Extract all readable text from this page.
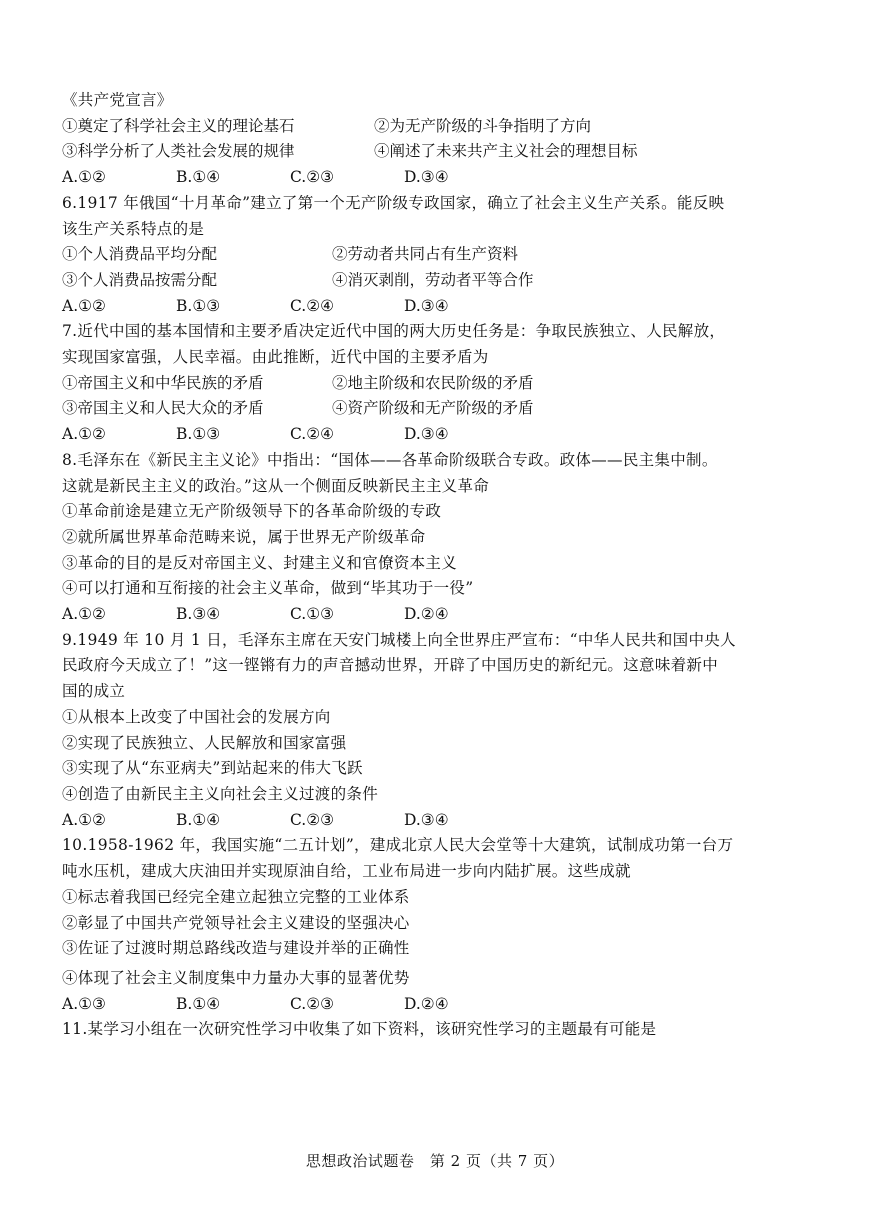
《共产党宣言》
①奠定了科学社会主义的理论基石	②为无产阶级的斗争指明了方向
③科学分析了人类社会发展的规律	④阐述了未来共产主义社会的理想目标
A.①②	B.①④	C.②③	D.③④
6.1917 年俄国“十月革命”建立了第一个无产阶级专政国家，确立了社会主义生产关系。能反映
该生产关系特点的是
①个人消费品平均分配	②劳动者共同占有生产资料
③个人消费品按需分配	④消灭剥削，劳动者平等合作
A.①②	B.①③	C.②④	D.③④
7.近代中国的基本国情和主要矛盾决定近代中国的两大历史任务是：争取民族独立、人民解放，
实现国家富强，人民幸福。由此推断，近代中国的主要矛盾为
①帝国主义和中华民族的矛盾	②地主阶级和农民阶级的矛盾
③帝国主义和人民大众的矛盾	④资产阶级和无产阶级的矛盾
A.①②	B.①③	C.②④	D.③④
8.毛泽东在《新民主主义论》中指出：“国体——各革命阶级联合专政。政体——民主集中制。
这就是新民主主义的政治。”这从一个侧面反映新民主主义革命
①革命前途是建立无产阶级领导下的各革命阶级的专政
②就所属世界革命范畴来说，属于世界无产阶级革命
③革命的目的是反对帝国主义、封建主义和官僚资本主义
④可以打通和互衔接的社会主义革命，做到“毕其功于一役”
A.①②	B.③④	C.①③	D.②④
9.1949 年 10 月 1 日，毛泽东主席在天安门城楼上向全世界庄严宣布：“中华人民共和国中央人
民政府今天成立了！”这一铿锵有力的声音撼动世界，开辟了中国历史的新纪元。这意味着新中
国的成立
①从根本上改变了中国社会的发展方向
②实现了民族独立、人民解放和国家富强
③实现了从“东亚病夫”到站起来的伟大飞跃
④创造了由新民主主义向社会主义过渡的条件
A.①②	B.①④	C.②③	D.③④
10.1958-1962 年，我国实施“二五计划”，建成北京人民大会堂等十大建筑，试制成功第一台万
吨水压机，建成大庆油田并实现原油自给，工业布局进一步向内陆扩展。这些成就
①标志着我国已经完全建立起独立完整的工业体系
②彰显了中国共产党领导社会主义建设的坚强决心
③佐证了过渡时期总路线改造与建设并举的正确性
④体现了社会主义制度集中力量办大事的显著优势
A.①③	B.①④	C.②③	D.②④
11.某学习小组在一次研究性学习中收集了如下资料，该研究性学习的主题最有可能是
思想政治试题卷　第 2 页（共 7 页）
